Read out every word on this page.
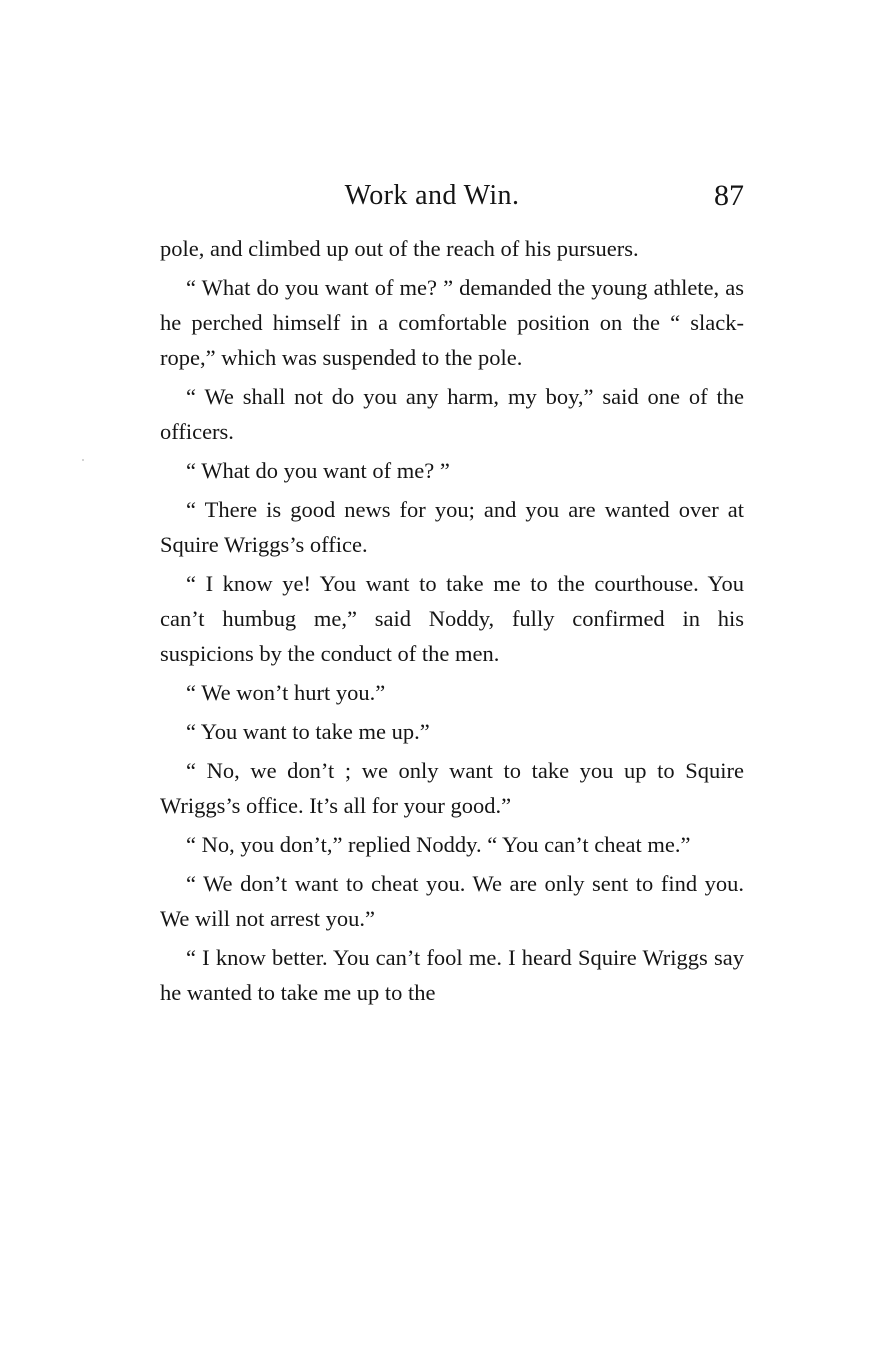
Work and Win.	87

pole, and climbed up out of the reach of his pursuers.

“ What do you want of me? ” demanded the young athlete, as he perched himself in a comfortable position on the “ slack-rope,” which was suspended to the pole.

“ We shall not do you any harm, my boy,” said one of the officers.

“ What do you want of me? ”

“ There is good news for you; and you are wanted over at Squire Wriggs’s office.

“ I know ye! You want to take me to the courthouse. You can’t humbug me,” said Noddy, fully confirmed in his suspicions by the conduct of the men.

“ We won’t hurt you.”

“ You want to take me up.”

“ No, we don’t ; we only want to take you up to Squire Wriggs’s office. It’s all for your good.”

“ No, you don’t,” replied Noddy. “ You can’t cheat me.”

“ We don’t want to cheat you. We are only sent to find you. We will not arrest you.”

“ I know better. You can’t fool me. I heard Squire Wriggs say he wanted to take me up to the
